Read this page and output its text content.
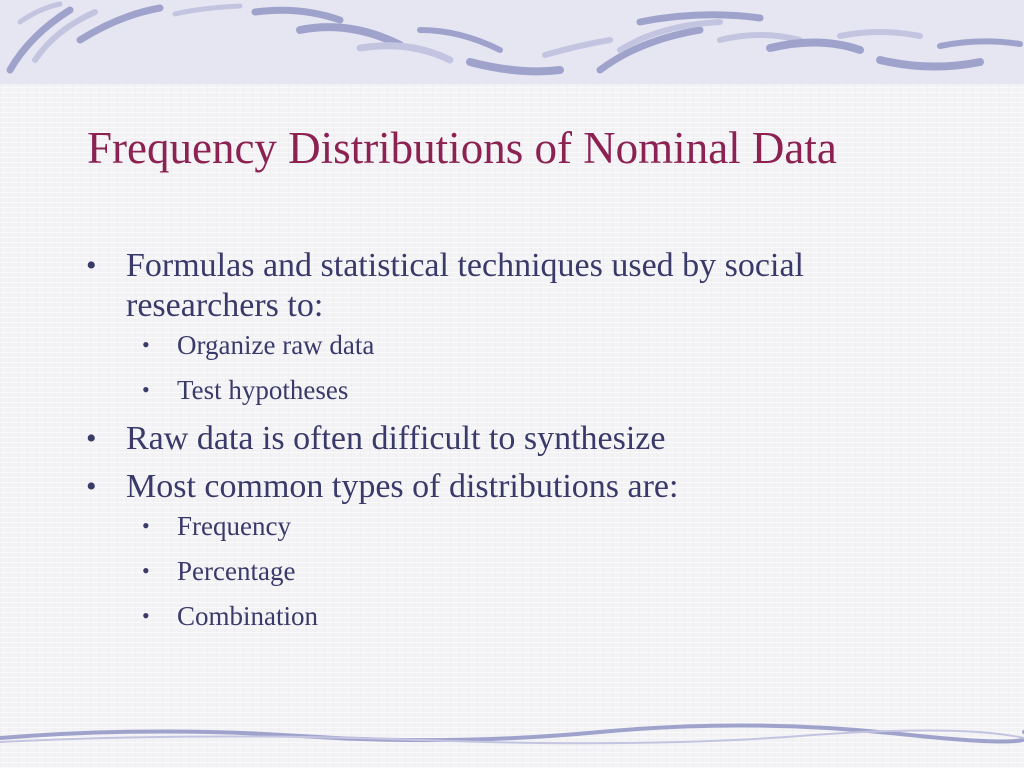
Frequency Distributions of Nominal Data
• Formulas and statistical techniques used by social researchers to:
• Organize raw data
• Test hypotheses
• Raw data is often difficult to synthesize
• Most common types of distributions are:
• Frequency
• Percentage
• Combination
